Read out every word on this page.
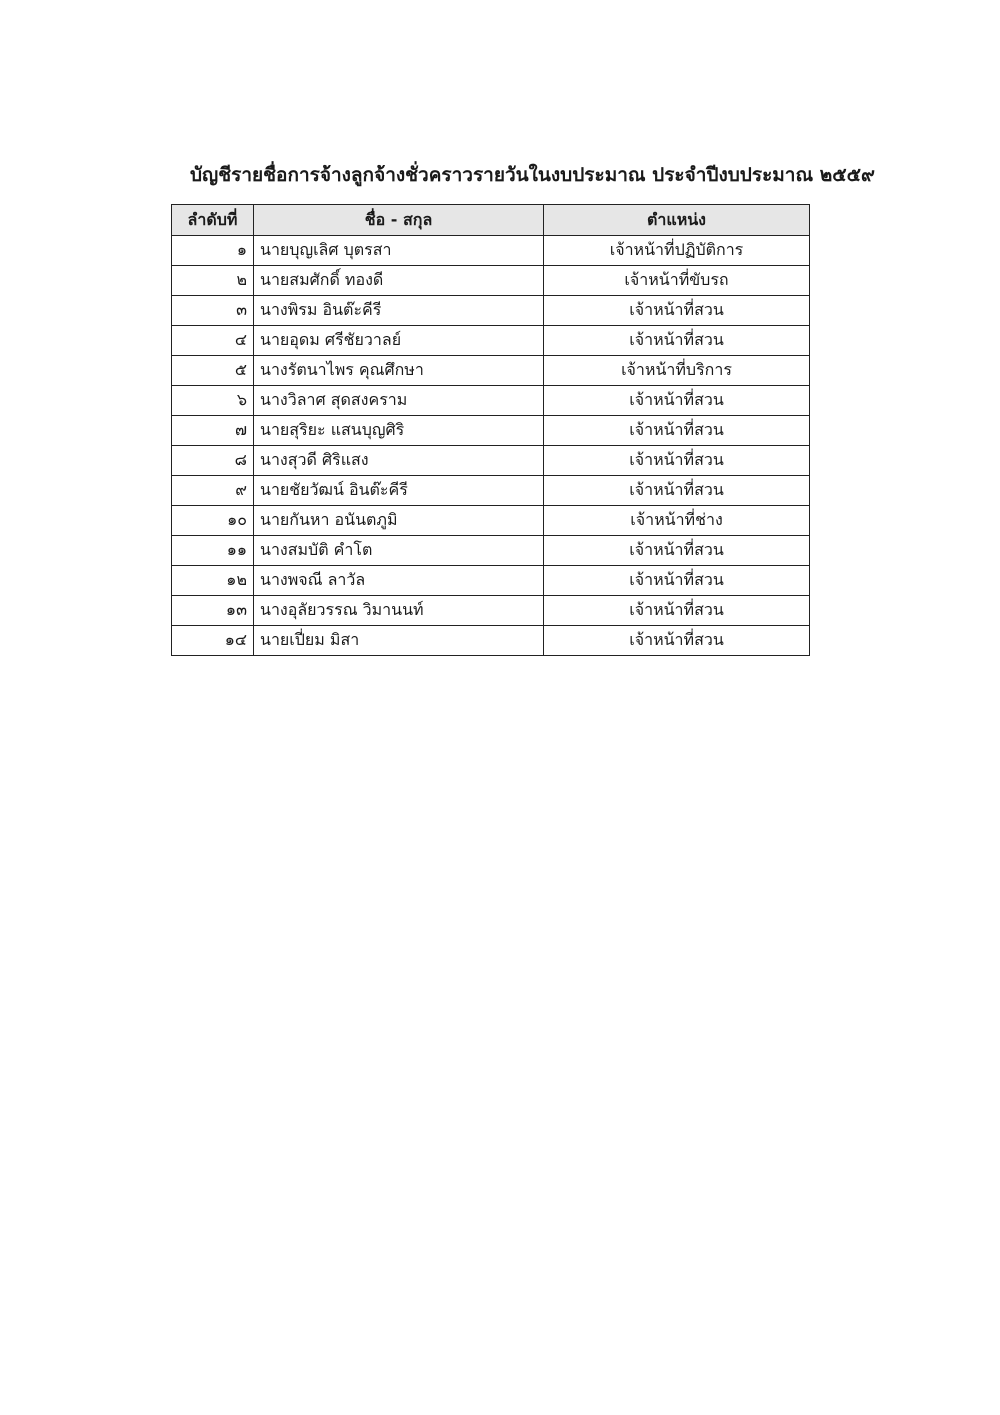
บัญชีรายชื่อการจ้างลูกจ้างชั่วคราวรายวันในงบประมาณ ประจำปีงบประมาณ ๒๕๕๙
ลำดับที่	ชื่อ - สกุล	ตำแหน่ง
๑	นายบุญเลิศ บุตรสา	เจ้าหน้าที่ปฏิบัติการ
๒	นายสมศักดิ์ ทองดี	เจ้าหน้าที่ขับรถ
๓	นางพิรม อินต๊ะคีรี	เจ้าหน้าที่สวน
๔	นายอุดม ศรีชัยวาลย์	เจ้าหน้าที่สวน
๕	นางรัตนาไพร คุณศึกษา	เจ้าหน้าที่บริการ
๖	นางวิลาศ สุดสงคราม	เจ้าหน้าที่สวน
๗	นายสุริยะ แสนบุญศิริ	เจ้าหน้าที่สวน
๘	นางสุวดี ศิริแสง	เจ้าหน้าที่สวน
๙	นายชัยวัฒน์ อินต๊ะคีรี	เจ้าหน้าที่สวน
๑๐	นายกันหา อนันตภูมิ	เจ้าหน้าที่ช่าง
๑๑	นางสมบัติ คำโต	เจ้าหน้าที่สวน
๑๒	นางพจณี ลาวัล	เจ้าหน้าที่สวน
๑๓	นางอุลัยวรรณ วิมานนท์	เจ้าหน้าที่สวน
๑๔	นายเปี่ยม มิสา	เจ้าหน้าที่สวน
